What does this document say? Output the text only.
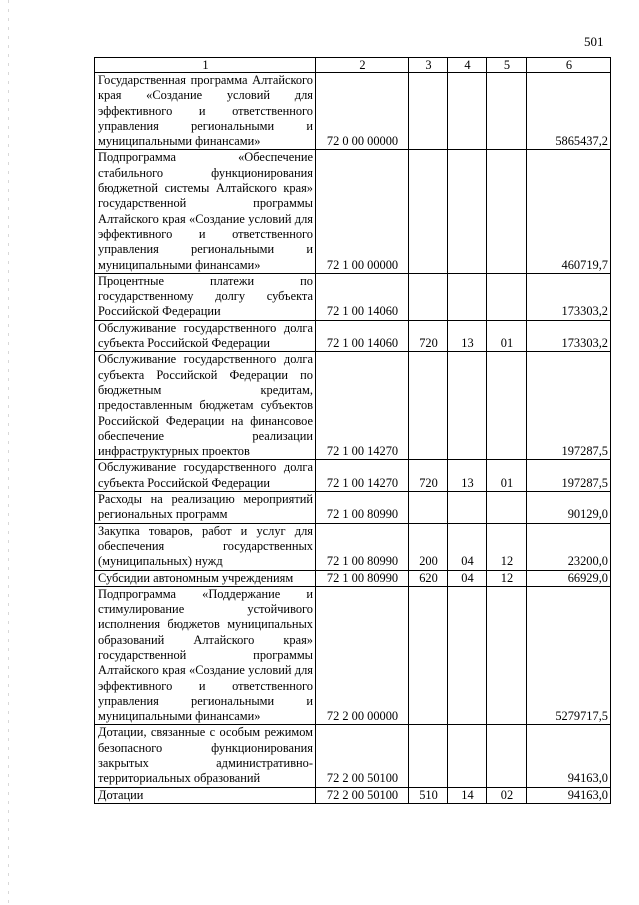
501
1	2	3	4	5	6
Государственная программа Алтайского края «Создание условий для эффективного и ответственного управления региональными и муниципальными финансами»	72 0 00 00000				5865437,2
Подпрограмма «Обеспечение стабильного функционирования бюджетной системы Алтайского края» государственной программы Алтайского края «Создание условий для эффективного и ответственного управления региональными и муниципальными финансами»	72 1 00 00000				460719,7
Процентные платежи по государственному долгу субъекта Российской Федерации	72 1 00 14060				173303,2
Обслуживание государственного долга субъекта Российской Федерации	72 1 00 14060	720	13	01	173303,2
Обслуживание государственного долга субъекта Российской Федерации по бюджетным кредитам, предоставленным бюджетам субъектов Российской Федерации на финансовое обеспечение реализации инфраструктурных проектов	72 1 00 14270				197287,5
Обслуживание государственного долга субъекта Российской Федерации	72 1 00 14270	720	13	01	197287,5
Расходы на реализацию мероприятий региональных программ	72 1 00 80990				90129,0
Закупка товаров, работ и услуг для обеспечения государственных (муниципальных) нужд	72 1 00 80990	200	04	12	23200,0
Субсидии автономным учреждениям	72 1 00 80990	620	04	12	66929,0
Подпрограмма «Поддержание и стимулирование устойчивого исполнения бюджетов муниципальных образований Алтайского края» государственной программы Алтайского края «Создание условий для эффективного и ответственного управления региональными и муниципальными финансами»	72 2 00 00000				5279717,5
Дотации, связанные с особым режимом безопасного функционирования закрытых административно-территориальных образований	72 2 00 50100				94163,0
Дотации	72 2 00 50100	510	14	02	94163,0
